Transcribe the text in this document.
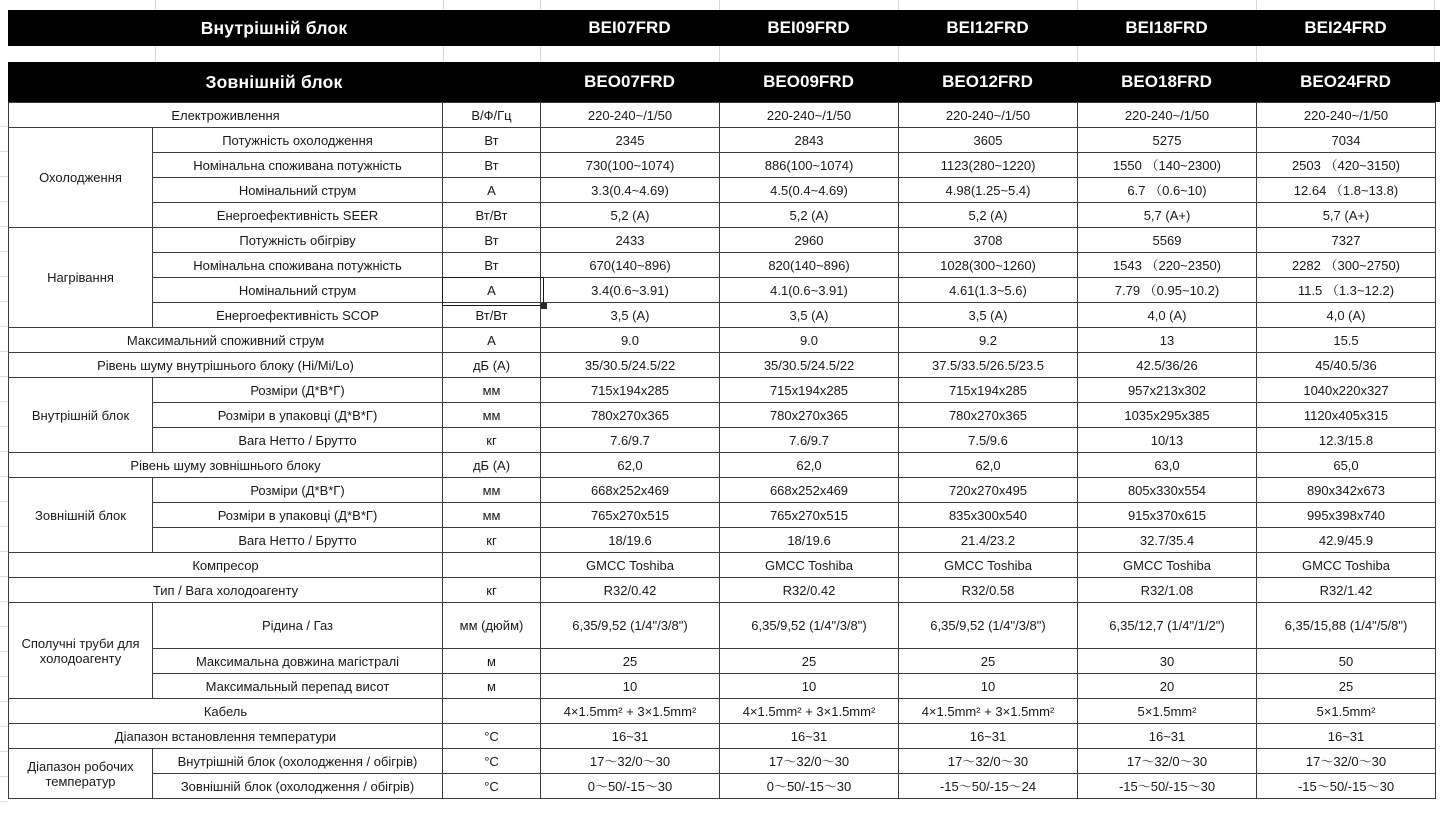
Внутрішній блок	BEI07FRD	BEI09FRD	BEI12FRD	BEI18FRD	BEI24FRD
Зовнішній блок	BEO07FRD	BEO09FRD	BEO12FRD	BEO18FRD	BEO24FRD
Електроживлення		В/Ф/Гц	220-240~/1/50	220-240~/1/50	220-240~/1/50	220-240~/1/50	220-240~/1/50
Охолодження	Потужність охолодження	Вт	2345	2843	3605	5275	7034
	Номінальна споживана потужність	Вт	730(100~1074)	886(100~1074)	1123(280~1220)	1550 （140~2300)	2503 （420~3150)
	Номінальний струм	А	3.3(0.4~4.69)	4.5(0.4~4.69)	4.98(1.25~5.4)	6.7 （0.6~10)	12.64 （1.8~13.8)
	Енергоефективність SEER	Вт/Вт	5,2 (A)	5,2 (A)	5,2 (A)	5,7 (A+)	5,7 (A+)
Нагрівання	Потужність обігріву	Вт	2433	2960	3708	5569	7327
	Номінальна споживана потужність	Вт	670(140~896)	820(140~896)	1028(300~1260)	1543 （220~2350)	2282 （300~2750)
	Номінальний струм	А	3.4(0.6~3.91)	4.1(0.6~3.91)	4.61(1.3~5.6)	7.79 （0.95~10.2)	11.5 （1.3~12.2)
	Енергоефективність SCOP	Вт/Вт	3,5 (A)	3,5 (A)	3,5 (A)	4,0 (A)	4,0 (A)
Максимальний споживний струм		А	9.0	9.0	9.2	13	15.5
Рівень шуму внутрішнього блоку (Hi/Mi/Lo)		дБ (А)	35/30.5/24.5/22	35/30.5/24.5/22	37.5/33.5/26.5/23.5	42.5/36/26	45/40.5/36
Внутрішній блок	Розміри (Д*В*Г)	мм	715x194x285	715x194x285	715x194x285	957x213x302	1040x220x327
	Розміри в упаковці (Д*В*Г)	мм	780x270x365	780x270x365	780x270x365	1035x295x385	1120x405x315
	Вага Нетто / Брутто	кг	7.6/9.7	7.6/9.7	7.5/9.6	10/13	12.3/15.8
Рівень шуму зовнішнього блоку		дБ (А)	62,0	62,0	62,0	63,0	65,0
Зовнішній блок	Розміри (Д*В*Г)	мм	668x252x469	668x252x469	720x270x495	805x330x554	890x342x673
	Розміри в упаковці (Д*В*Г)	мм	765x270x515	765x270x515	835x300x540	915x370x615	995x398x740
	Вага Нетто / Брутто	кг	18/19.6	18/19.6	21.4/23.2	32.7/35.4	42.9/45.9
Компресор			GMCC Toshiba	GMCC Toshiba	GMCC Toshiba	GMCC Toshiba	GMCC Toshiba
Тип / Вага холодоагенту		кг	R32/0.42	R32/0.42	R32/0.58	R32/1.08	R32/1.42
Сполучні труби для холодоагенту	Рідина / Газ	мм (дюйм)	6,35/9,52 (1/4"/3/8")	6,35/9,52 (1/4"/3/8")	6,35/9,52 (1/4"/3/8")	6,35/12,7 (1/4"/1/2")	6,35/15,88 (1/4"/5/8")
	Максимальна довжина магістралі	м	25	25	25	30	50
	Максимальный перепад висот	м	10	10	10	20	25
Кабель			4×1.5mm² + 3×1.5mm²	4×1.5mm² + 3×1.5mm²	4×1.5mm² + 3×1.5mm²	5×1.5mm²	5×1.5mm²
Діапазон встановлення температури		°C	16~31	16~31	16~31	16~31	16~31
Діапазон робочих температур	Внутрішній блок (охолодження / обігрів)	°C	17～32/0～30	17～32/0～30	17～32/0～30	17～32/0～30	17～32/0～30
	Зовнішній блок (охолодження / обігрів)	°C	0～50/-15～30	0～50/-15～30	-15～50/-15～24	-15～50/-15～30	-15～50/-15～30
